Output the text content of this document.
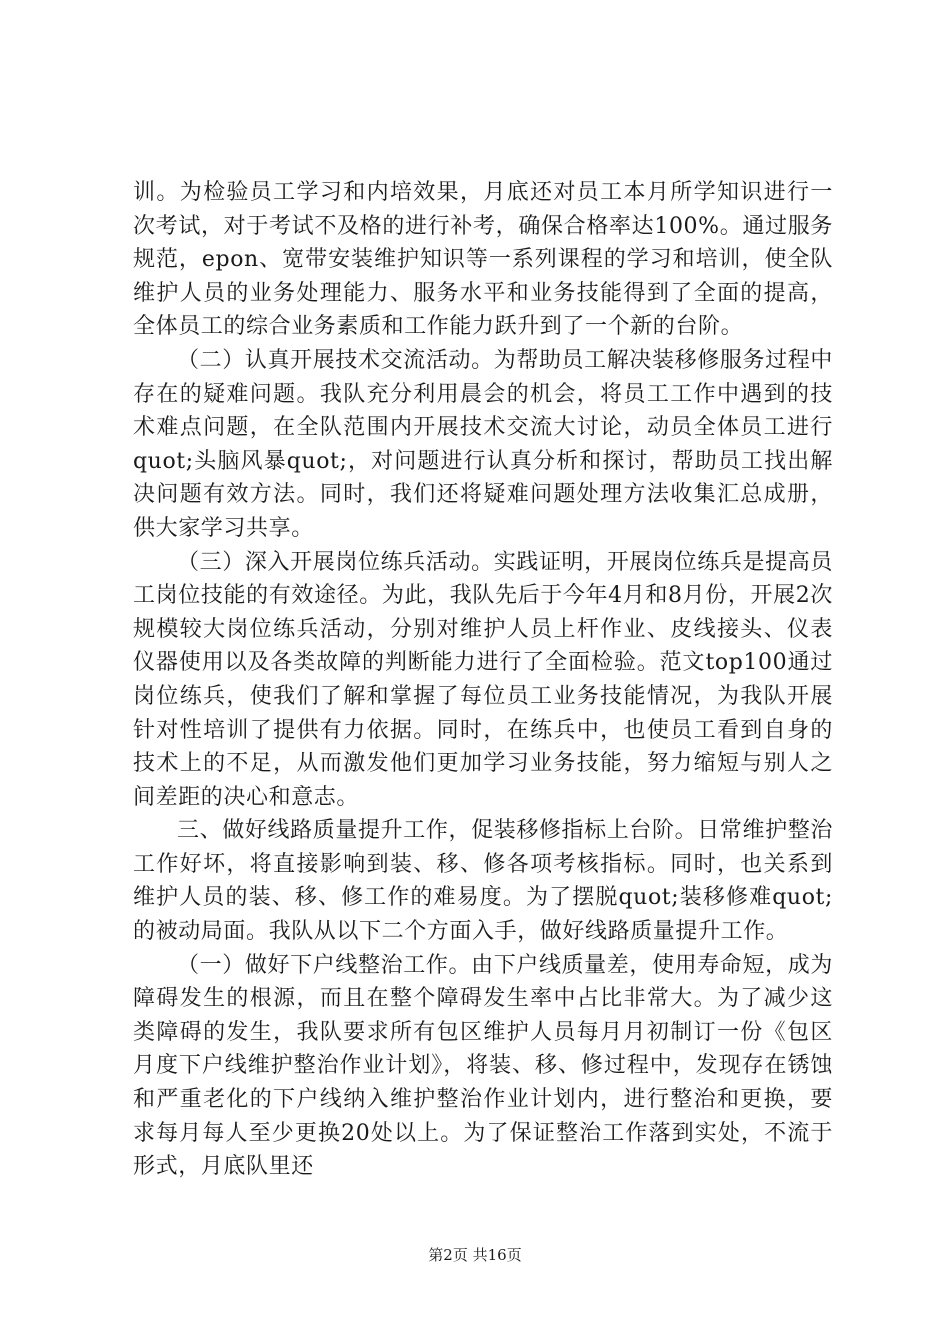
训。为检验员工学习和内培效果，月底还对员工本月所学知识进行一次考试，对于考试不及格的进行补考，确保合格率达100%。通过服务规范，epon、宽带安装维护知识等一系列课程的学习和培训，使全队维护人员的业务处理能力、服务水平和业务技能得到了全面的提高，全体员工的综合业务素质和工作能力跃升到了一个新的台阶。

（二）认真开展技术交流活动。为帮助员工解决装移修服务过程中存在的疑难问题。我队充分利用晨会的机会，将员工工作中遇到的技术难点问题，在全队范围内开展技术交流大讨论，动员全体员工进行quot;头脑风暴quot;，对问题进行认真分析和探讨，帮助员工找出解决问题有效方法。同时，我们还将疑难问题处理方法收集汇总成册，供大家学习共享。

（三）深入开展岗位练兵活动。实践证明，开展岗位练兵是提高员工岗位技能的有效途径。为此，我队先后于今年4月和8月份，开展2次规模较大岗位练兵活动，分别对维护人员上杆作业、皮线接头、仪表仪器使用以及各类故障的判断能力进行了全面检验。范文top100通过岗位练兵，使我们了解和掌握了每位员工业务技能情况，为我队开展针对性培训了提供有力依据。同时，在练兵中，也使员工看到自身的技术上的不足，从而激发他们更加学习业务技能，努力缩短与别人之间差距的决心和意志。

三、做好线路质量提升工作，促装移修指标上台阶。日常维护整治工作好坏，将直接影响到装、移、修各项考核指标。同时，也关系到维护人员的装、移、修工作的难易度。为了摆脱quot;装移修难quot;的被动局面。我队从以下二个方面入手，做好线路质量提升工作。

（一）做好下户线整治工作。由下户线质量差，使用寿命短，成为障碍发生的根源，而且在整个障碍发生率中占比非常大。为了减少这类障碍的发生，我队要求所有包区维护人员每月月初制订一份《包区月度下户线维护整治作业计划》，将装、移、修过程中，发现存在锈蚀和严重老化的下户线纳入维护整治作业计划内，进行整治和更换，要求每月每人至少更换20处以上。为了保证整治工作落到实处，不流于形式，月底队里还

第2页 共16页
